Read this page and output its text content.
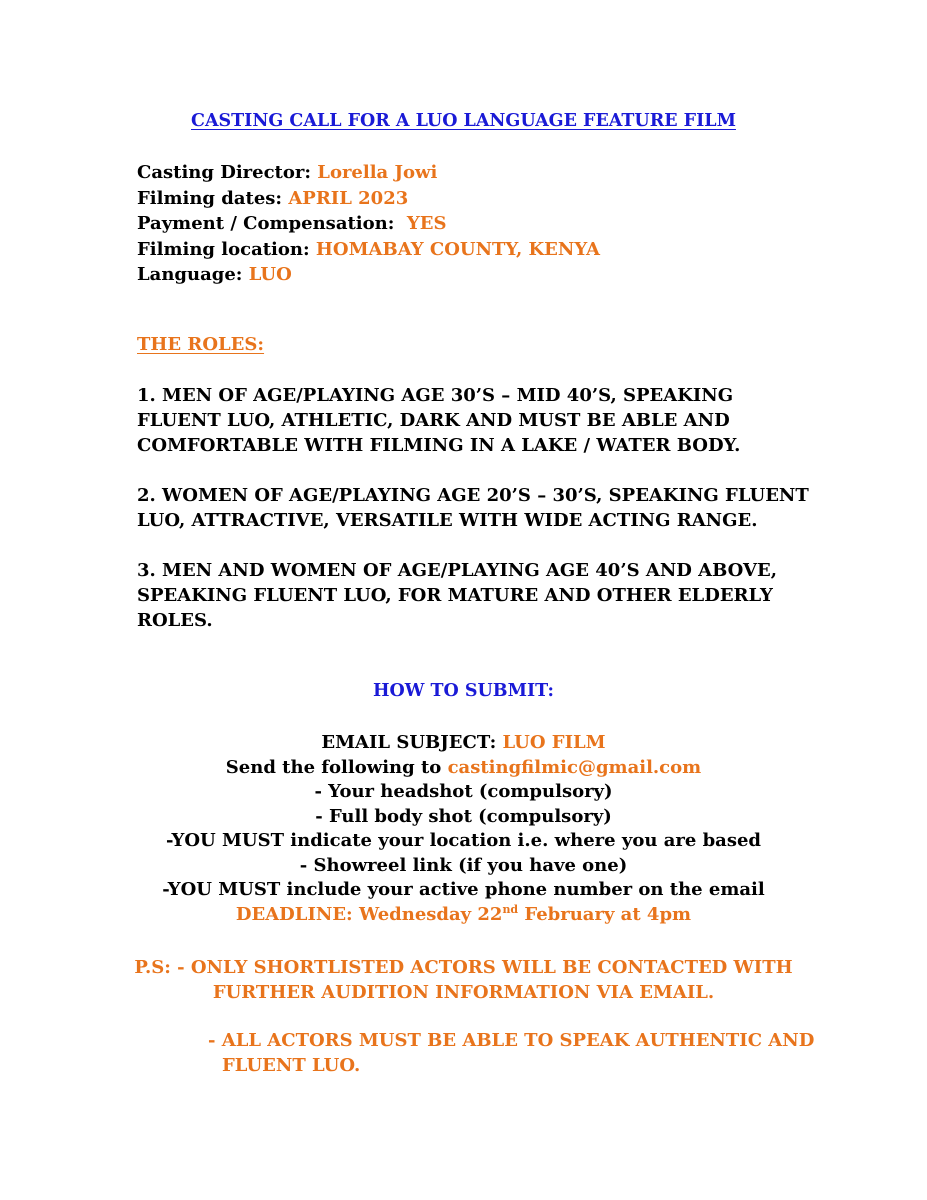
CASTING CALL FOR A LUO LANGUAGE FEATURE FILM
Casting Director: Lorella Jowi
Filming dates: APRIL 2023
Payment / Compensation:  YES
Filming location: HOMABAY COUNTY, KENYA
Language: LUO
THE ROLES:
1. MEN OF AGE/PLAYING AGE 30’S – MID 40’S, SPEAKING FLUENT LUO, ATHLETIC, DARK AND MUST BE ABLE AND COMFORTABLE WITH FILMING IN A LAKE / WATER BODY.
2. WOMEN OF AGE/PLAYING AGE 20’S – 30’S, SPEAKING FLUENT LUO, ATTRACTIVE, VERSATILE WITH WIDE ACTING RANGE.
3. MEN AND WOMEN OF AGE/PLAYING AGE 40’S AND ABOVE, SPEAKING FLUENT LUO, FOR MATURE AND OTHER ELDERLY ROLES.
HOW TO SUBMIT:
EMAIL SUBJECT: LUO FILM
Send the following to castingfilmic@gmail.com
- Your headshot (compulsory)
- Full body shot (compulsory)
-YOU MUST indicate your location i.e. where you are based
- Showreel link (if you have one)
-YOU MUST include your active phone number on the email
DEADLINE: Wednesday 22nd February at 4pm
P.S: - ONLY SHORTLISTED ACTORS WILL BE CONTACTED WITH
FURTHER AUDITION INFORMATION VIA EMAIL.
- ALL ACTORS MUST BE ABLE TO SPEAK AUTHENTIC AND
FLUENT LUO.
